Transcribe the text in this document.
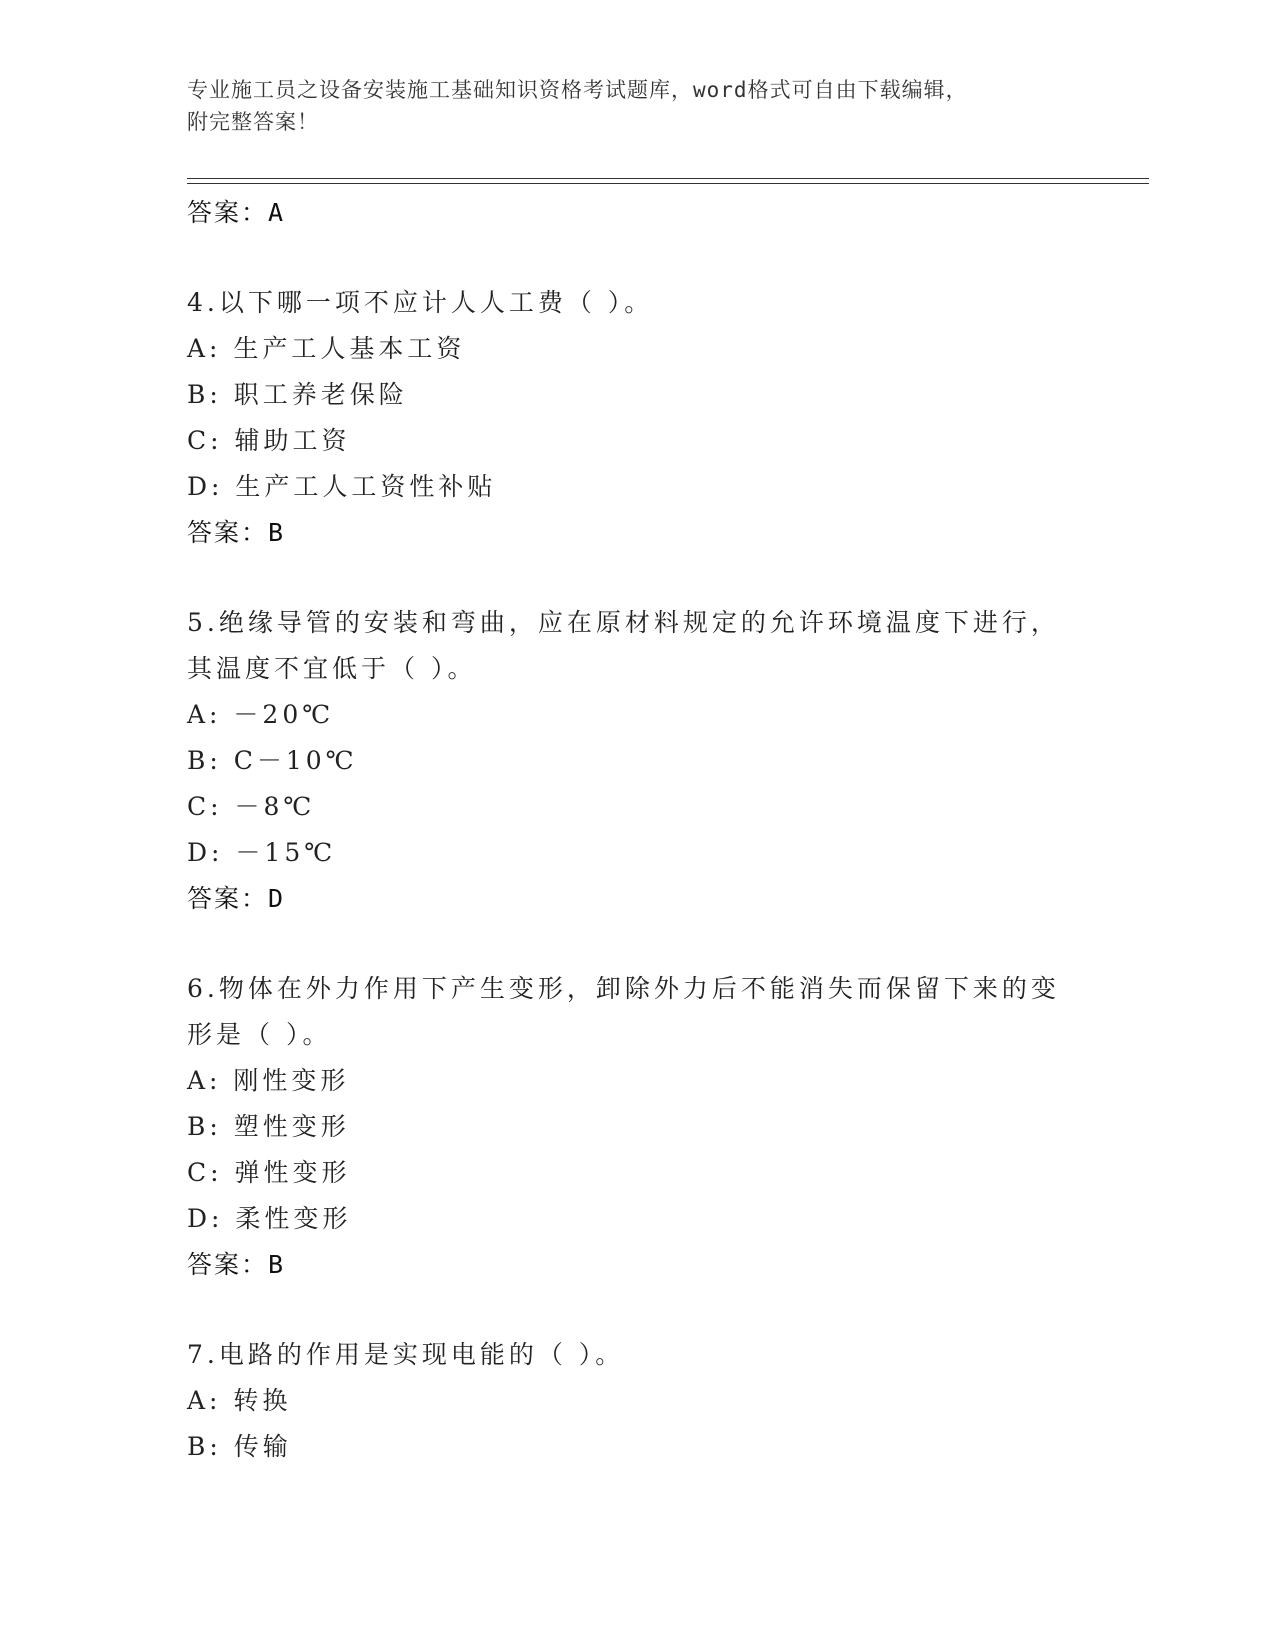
专业施工员之设备安装施工基础知识资格考试题库，word格式可自由下载编辑，
附完整答案！
答案：A
4.以下哪一项不应计人人工费（ ）。
A: 生产工人基本工资
B: 职工养老保险
C: 辅助工资
D: 生产工人工资性补贴
答案：B
5.绝缘导管的安装和弯曲，应在原材料规定的允许环境温度下进行，
其温度不宜低于（ ）。
A: －20℃
B: C－10℃
C: －8℃
D: －15℃
答案：D
6.物体在外力作用下产生变形，卸除外力后不能消失而保留下来的变
形是（ ）。
A: 刚性变形
B: 塑性变形
C: 弹性变形
D: 柔性变形
答案：B
7.电路的作用是实现电能的（ ）。
A: 转换
B: 传输
